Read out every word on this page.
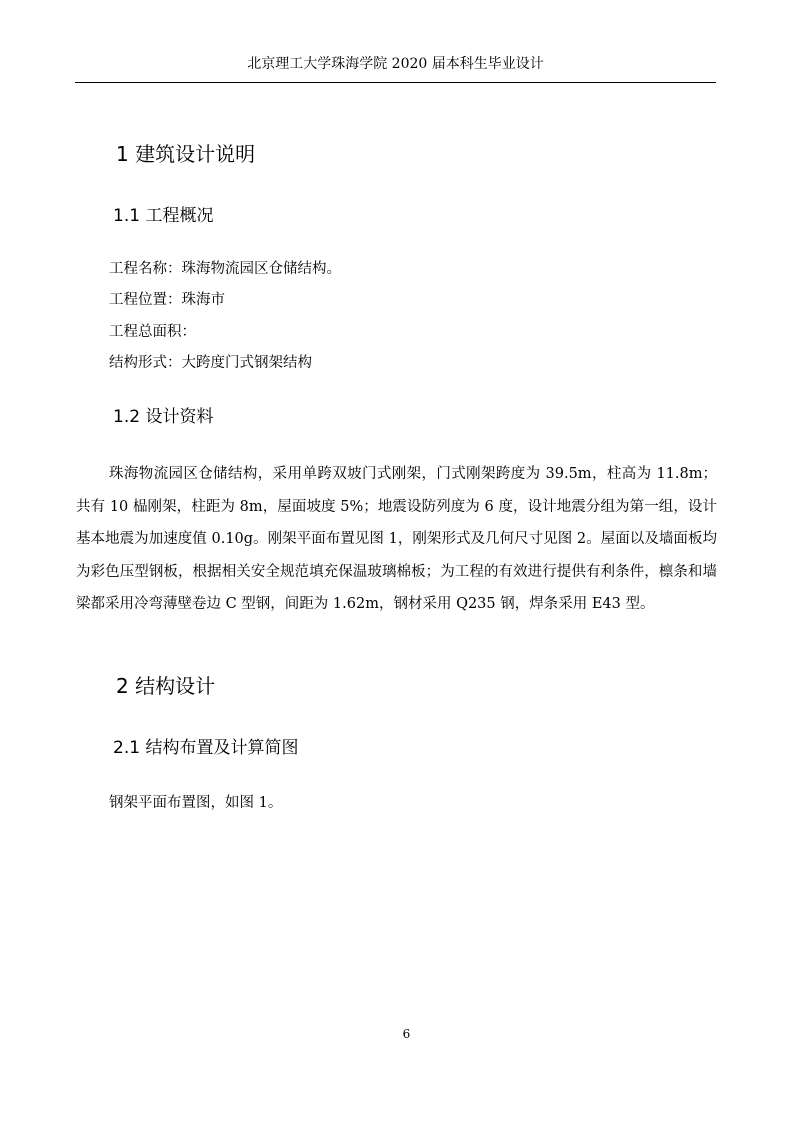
北京理工大学珠海学院 2020 届本科生毕业设计
1 建筑设计说明
1.1 工程概况
工程名称：珠海物流园区仓储结构。
工程位置：珠海市
工程总面积：
结构形式：大跨度门式钢架结构
1.2 设计资料
珠海物流园区仓储结构，采用单跨双坡门式刚架，门式刚架跨度为 39.5m，柱高为 11.8m；共有 10 榀刚架，柱距为 8m，屋面坡度 5%；地震设防列度为 6 度，设计地震分组为第一组，设计基本地震为加速度值 0.10g。刚架平面布置见图 1，刚架形式及几何尺寸见图 2。屋面以及墙面板均为彩色压型钢板，根据相关安全规范填充保温玻璃棉板；为工程的有效进行提供有利条件，檩条和墙梁都采用冷弯薄壁卷边 C 型钢，间距为 1.62m，钢材采用 Q235 钢，焊条采用 E43 型。
2 结构设计
2.1 结构布置及计算简图
钢架平面布置图，如图 1。
6
